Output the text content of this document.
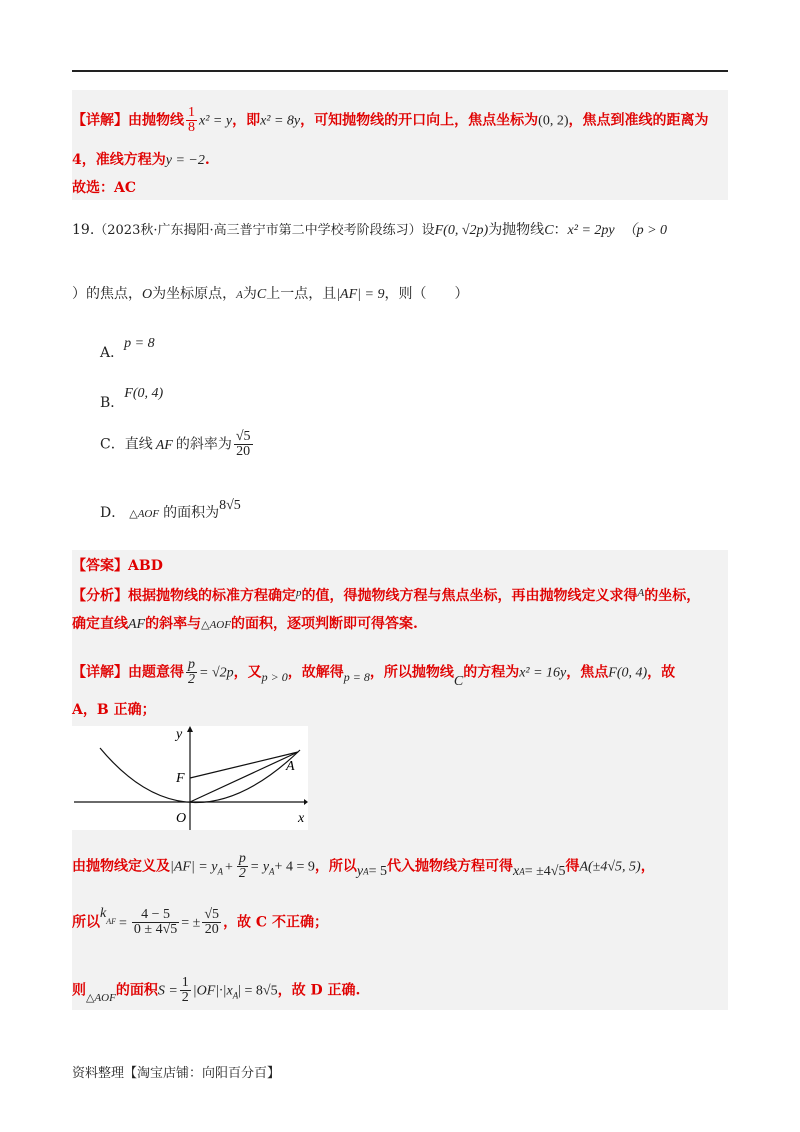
【详解】由抛物线 $\frac{1}{8} x^2 = y$，即x² = 8y，可知抛物线的开口向上，焦点坐标为(0, 2)，焦点到准线的距离为
4，准线方程为y = −2.
故选：AC
19.（2023秋·广东揭阳·高三普宁市第二中学校考阶段练习）设F(0, √2p)为抛物线C：x² = 2py （p > 0
）的焦点，O为坐标原点，A为C上一点，且|AF| = 9，则（　　）
A．p = 8
B．F(0, 4)
C．直线 AF 的斜率为 $\frac{√5}{20}$
D． △AOF 的面积为8√5
【答案】ABD
【分析】根据抛物线的标准方程确定$^p$的值，得抛物线方程与焦点坐标，再由抛物线定义求得$^A$的坐标，
确定直线AF的斜率与△AOF的面积，逐项判断即可得答案.
【详解】由题意得 $\frac{p}{2} = √2p$，又p > 0，故解得p = 8，所以抛物线C的方程为x² = 16y，焦点F(0, 4)，故
A，B 正确；
y
x
F
A
O
由抛物线定义及$|AF| = y_A + \frac{p}{2} = y_A+ 4 = 9$，所以$y_A= 5$代入抛物线方程可得$x_A= \pm 4√5$得A(±4√5, 5)，
所以$k_{AF} = \frac{4 - 5}{0 \pm 4√5}$ = ± $\frac{√5}{20}$ ，故 C 不正确；
则$_{\triangle AOF}$的面积$S = \frac{1}{2} |OF|\cdot|x_A| = 8√5$，故 D 正确.
资料整理【淘宝店铺：向阳百分百】
